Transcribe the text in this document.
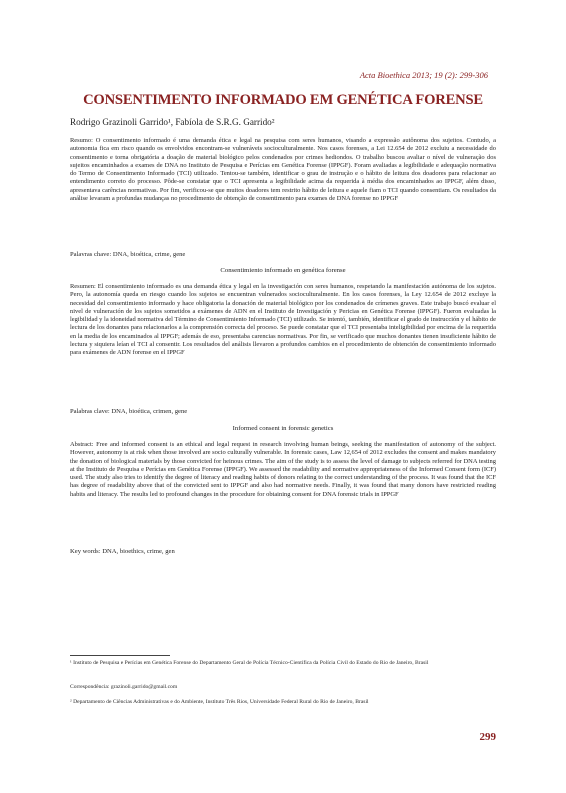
Acta Bioethica 2013; 19 (2): 299-306
CONSENTIMENTO INFORMADO EM GENÉTICA FORENSE
Rodrigo Grazinoli Garrido¹, Fabíola de S.R.G. Garrido²
Resumo: O consentimento informado é uma demanda ética e legal na pesquisa com seres humanos, visando a expressão autônoma dos sujeitos. Contudo, a autonomia fica em risco quando os envolvidos encontram-se vulneráveis socioculturalmente. Nos casos forenses, a Lei 12.654 de 2012 excluiu a necessidade do consentimento e torna obrigatória a doação de material biológico pelos condenados por crimes hediondos. O trabalho buscou avaliar o nível de vulneração dos sujeitos encaminhados a exames de DNA no Instituto de Pesquisa e Perícias em Genética Forense (IPPGF). Foram avaliadas a legibilidade e adequação normativa do Termo de Consentimento Informado (TCI) utilizado. Tentou-se também, identificar o grau de instrução e o hábito de leitura dos doadores para relacionar ao entendimento correto do processo. Pôde-se constatar que o TCI apresenta a legibilidade acima da requerida à média dos encaminhados ao IPPGF, além disso, apresentava carências normativas. Por fim, verificou-se que muitos doadores tem restrito hábito de leitura e aquele fiam o TCI quando consentiam. Os resultados da análise levaram a profundas mudanças no procedimento de obtenção de consentimento para exames de DNA forense no IPPGF
Palavras chave: DNA, bioética, crime, gene
Consentimiento informado en genética forense
Resumen: El consentimiento informado es una demanda ética y legal en la investigación con seres humanos, respetando la manifestación autónoma de los sujetos. Pero, la autonomía queda en riesgo cuando los sujetos se encuentran vulnerados socioculturalmente. En los casos forenses, la Ley 12.654 de 2012 excluye la necesidad del consentimiento informado y hace obligatoria la donación de material biológico por los condenados de crímenes graves. Este trabajo buscó evaluar el nivel de vulneración de los sujetos sometidos a exámenes de ADN en el Instituto de Investigación y Pericias en Genética Forense (IPPGF). Fueron evaluadas la legibilidad y la idoneidad normativa del Término de Consentimiento Informado (TCI) utilizado. Se intentó, también, identificar el grado de instrucción y el hábito de lectura de los donantes para relacionarlos a la comprensión correcta del proceso. Se puede constatar que el TCI presentaba inteligibilidad por encima de la requerida en la media de los encaminados al IPPGF; además de eso, presentaba carencias normativas. Por fin, se verificado que muchos donantes tienen insuficiente hábito de lectura y siquiera leían el TCI al consentir. Los resultados del análisis llevaron a profundos cambios en el procedimiento de obtención de consentimiento informado para exámenes de ADN forense en el IPPGF
Palabras clave: DNA, bioética, crimen, gene
Informed consent in forensic genetics
Abstract: Free and informed consent is an ethical and legal request in research involving human beings, seeking the manifestation of autonomy of the subject. However, autonomy is at risk when those involved are socio culturally vulnerable. In forensic cases, Law 12,654 of 2012 excludes the consent and makes mandatory the donation of biological materials by those convicted for heinous crimes. The aim of the study is to assess the level of damage to subjects referred for DNA testing at the Instituto de Pesquisa e Perícias em Genética Forense (IPPGF). We assessed the readability and normative appropriateness of the Informed Consent form (ICF) used. The study also tries to identify the degree of literacy and reading habits of donors relating to the correct understanding of the process. It was found that the ICF has degree of readability above that of the convicted sent to IPPGF and also had normative needs. Finally, it was found that many donors have restricted reading habits and literacy. The results led to profound changes in the procedure for obtaining consent for DNA forensic trials in IPPGF
Key words: DNA, bioethics, crime, gen
¹ Instituto de Pesquisa e Perícias em Genética Forense do Departamento Geral de Polícia Técnico-Científica da Polícia Civil do Estado do Rio de Janeiro, Brasil
Correspondência: grazinoli.garrido@gmail.com
² Departamento de Ciências Administrativas e do Ambiente, Instituto Três Rios, Universidade Federal Rural do Rio de Janeiro, Brasil
299
